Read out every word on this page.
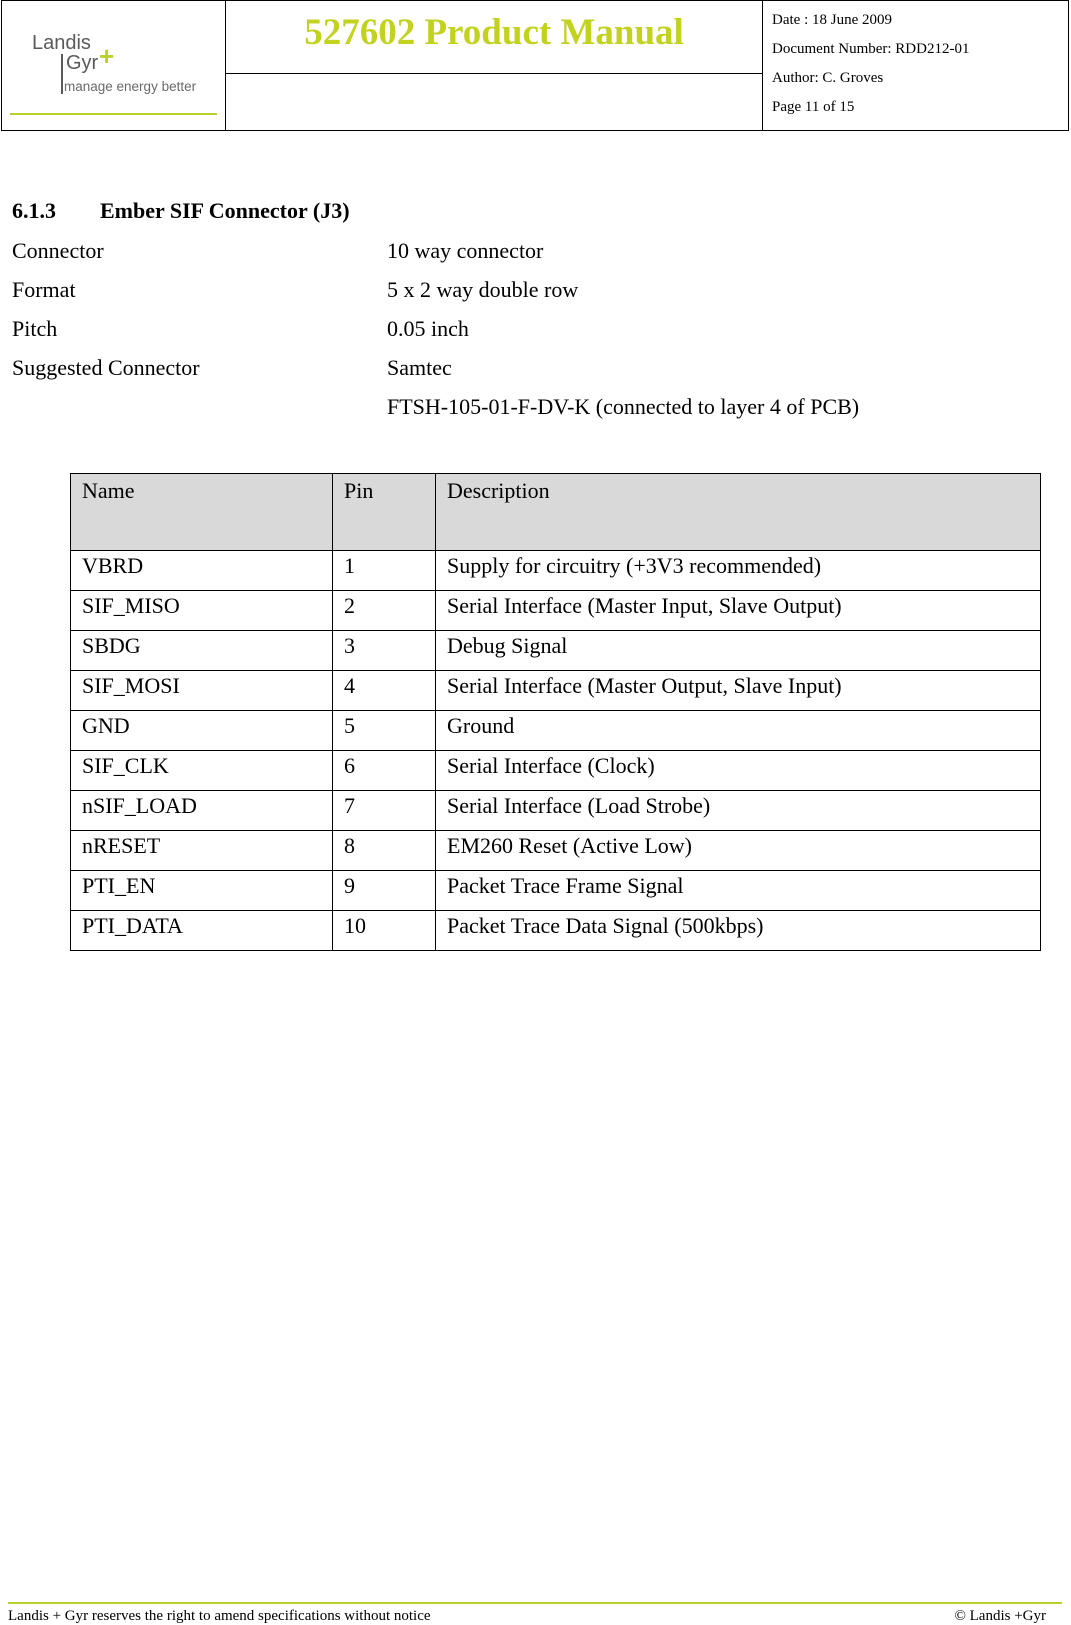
Landis
Gyr +
manage energy better
527602 Product Manual	Date : 18 June 2009
Document Number: RDD212-01
Author: C. Groves
Page 11 of 15
6.1.3 Ember SIF Connector (J3)
Connector	10 way connector
Format	5 x 2 way double row
Pitch	0.05 inch
Suggested Connector	Samtec
FTSH-105-01-F-DV-K (connected to layer 4 of PCB)
Name	Pin	Description
VBRD	1	Supply for circuitry (+3V3 recommended)
SIF_MISO	2	Serial Interface (Master Input, Slave Output)
SBDG	3	Debug Signal
SIF_MOSI	4	Serial Interface (Master Output, Slave Input)
GND	5	Ground
SIF_CLK	6	Serial Interface (Clock)
nSIF_LOAD	7	Serial Interface (Load Strobe)
nRESET	8	EM260 Reset (Active Low)
PTI_EN	9	Packet Trace Frame Signal
PTI_DATA	10	Packet Trace Data Signal (500kbps)
Landis + Gyr reserves the right to amend specifications without notice	© Landis +Gyr
